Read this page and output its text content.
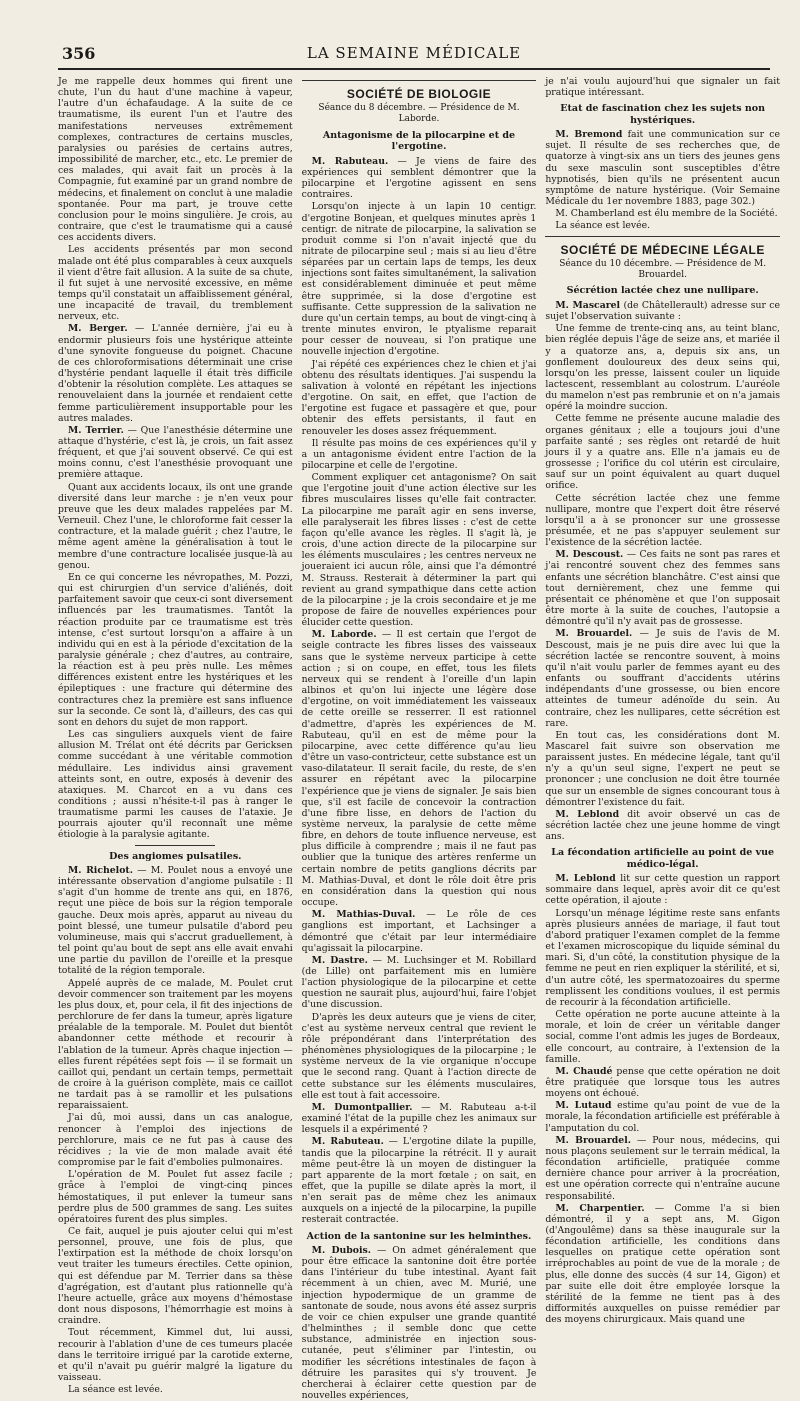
356	LA SEMAINE MÉDICALE

Je me rappelle deux hommes qui firent une chute, l'un du haut d'une machine à vapeur, l'autre d'un échafaudage. A la suite de ce traumatisme, ils eurent l'un et l'autre des manifestations nerveuses extrêmement complexes, contractures de certains muscles, paralysies ou parésies de certains autres, impossibilité de marcher, etc., etc. Le premier de ces malades, qui avait fait un procès à la Compagnie, fut examiné par un grand nombre de médecins, et finalement on conclut à une maladie spontanée. Pour ma part, je trouve cette conclusion pour le moins singulière. Je crois, au contraire, que c'est le traumatisme qui a causé ces accidents divers.

Les accidents présentés par mon second malade ont été plus comparables à ceux auxquels il vient d'être fait allusion. A la suite de sa chute, il fut sujet à une nervosité excessive, en même temps qu'il constatait un affaiblissement général, une incapacité de travail, du tremblement nerveux, etc.

M. Berger. — L'année dernière, j'ai eu à endormir plusieurs fois une hystérique atteinte d'une synovite fongueuse du poignet. Chacune de ces chloroformisations déterminait une crise d'hystérie pendant laquelle il était très difficile d'obtenir la résolution complète. Les attaques se renouvelaient dans la journée et rendaient cette femme particulièrement insupportable pour les autres malades.

M. Terrier. — Que l'anesthésie détermine une attaque d'hystérie, c'est là, je crois, un fait assez fréquent, et que j'ai souvent observé. Ce qui est moins connu, c'est l'anesthésie provoquant une première attaque.

Quant aux accidents locaux, ils ont une grande diversité dans leur marche : je n'en veux pour preuve que les deux malades rappelées par M. Verneuil. Chez l'une, le chloroforme fait cesser la contracture, et la malade guérit ; chez l'autre, le même agent amène la généralisation à tout le membre d'une contracture localisée jusque-là au genou.

En ce qui concerne les névropathes, M. Pozzi, qui est chirurgien d'un service d'aliénés, doit parfaitement savoir que ceux-ci sont diversement influencés par les traumatismes. Tantôt la réaction produite par ce traumatisme est très intense, c'est surtout lorsqu'on a affaire à un individu qui en est à la période d'excitation de la paralysie générale ; chez d'autres, au contraire, la réaction est à peu près nulle. Les mêmes différences existent entre les hystériques et les épileptiques : une fracture qui détermine des contractures chez la première est sans influence sur la seconde. Ce sont là, d'ailleurs, des cas qui sont en dehors du sujet de mon rapport.

Les cas singuliers auxquels vient de faire allusion M. Trélat ont été décrits par Gericksen comme succédant à une véritable commotion médullaire. Les individus ainsi gravement atteints sont, en outre, exposés à devenir des ataxiques. M. Charcot en a vu dans ces conditions ; aussi n'hésite-t-il pas à ranger le traumatisme parmi les causes de l'ataxie. Je pourrais ajouter qu'il reconnaît une même étiologie à la paralysie agitante.

Des angiomes pulsatiles.

M. Richelot. — M. Poulet nous a envoyé une intéressante observation d'angiome pulsatile : Il s'agit d'un homme de trente ans qui, en 1876, reçut une pièce de bois sur la région temporale gauche. Deux mois après, apparut au niveau du point blessé, une tumeur pulsatile d'abord peu volumineuse, mais qui s'accrut graduellement, à tel point qu'au bout de sept ans elle avait envahi une partie du pavillon de l'oreille et la presque totalité de la région temporale.

Appelé auprès de ce malade, M. Poulet crut devoir commencer son traitement par les moyens les plus doux, et, pour cela, il fit des injections de perchlorure de fer dans la tumeur, après ligature préalable de la temporale. M. Poulet dut bientôt abandonner cette méthode et recourir à l'ablation de la tumeur. Après chaque injection — elles furent répétées sept fois — il se formait un caillot qui, pendant un certain temps, permettait de croire à la guérison complète, mais ce caillot ne tardait pas à se ramollir et les pulsations reparaissaient.

J'ai dû, moi aussi, dans un cas analogue, renoncer à l'emploi des injections de perchlorure, mais ce ne fut pas à cause des récidives ; la vie de mon malade avait été compromise par le fait d'embolies pulmonaires.

L'opération de M. Poulet fut assez facile ; grâce à l'emploi de vingt-cinq pinces hémostatiques, il put enlever la tumeur sans perdre plus de 500 grammes de sang. Les suites opératoires furent des plus simples.

Ce fait, auquel je puis ajouter celui qui m'est personnel, prouve, une fois de plus, que l'extirpation est la méthode de choix lorsqu'on veut traiter les tumeurs érectiles. Cette opinion, qui est défendue par M. Terrier dans sa thèse d'agrégation, est d'autant plus rationnelle qu'à l'heure actuelle, grâce aux moyens d'hémostase dont nous disposons, l'hémorrhagie est moins à craindre.

Tout récemment, Kimmel dut, lui aussi, recourir à l'ablation d'une de ces tumeurs placée dans le territoire irrigué par la carotide externe, et qu'il n'avait pu guérir malgré la ligature du vaisseau.

La séance est levée.

SOCIÉTÉ DE BIOLOGIE
Séance du 8 décembre. — Présidence de M. Laborde.
Antagonisme de la pilocarpine et de l'ergotine.

M. Rabuteau. — Je viens de faire des expériences qui semblent démontrer que la pilocarpine et l'ergotine agissent en sens contraires.

Lorsqu'on injecte à un lapin 10 centigr. d'ergotine Bonjean, et quelques minutes après 1 centigr. de nitrate de pilocarpine, la salivation se produit comme si l'on n'avait injecté que du nitrate de pilocarpine seul ; mais si au lieu d'être séparées par un certain laps de temps, les deux injections sont faites simultanément, la salivation est considérablement diminuée et peut même être supprimée, si la dose d'ergotine est suffisante. Cette suppression de la salivation ne dure qu'un certain temps, au bout de vingt-cinq à trente minutes environ, le ptyalisme reparait pour cesser de nouveau, si l'on pratique une nouvelle injection d'ergotine.

J'ai répété ces expériences chez le chien et j'ai obtenu des résultats identiques. J'ai suspendu la salivation à volonté en répétant les injections d'ergotine. On sait, en effet, que l'action de l'ergotine est fugace et passagère et que, pour obtenir des effets persistants, il faut en renouveler les doses assez fréquemment.

Il résulte pas moins de ces expériences qu'il y a un antagonisme évident entre l'action de la pilocarpine et celle de l'ergotine.

Comment expliquer cet antagonisme? On sait que l'ergotine jouit d'une action élective sur les fibres musculaires lisses qu'elle fait contracter. La pilocarpine me paraît agir en sens inverse, elle paralyserait les fibres lisses : c'est de cette façon qu'elle avance les règles. Il s'agit là, je crois, d'une action directe de la pilocarpine sur les éléments musculaires ; les centres nerveux ne joueraient ici aucun rôle, ainsi que l'a démontré M. Strauss. Resterait à déterminer la part qui revient au grand sympathique dans cette action de la pilocarpine ; je la crois secondaire et je me propose de faire de nouvelles expériences pour élucider cette question.

M. Laborde. — Il est certain que l'ergot de seigle contracte les fibres lisses des vaisseaux sans que le système nerveux participe à cette action ; si on coupe, en effet, tous les filets nerveux qui se rendent à l'oreille d'un lapin albinos et qu'on lui injecte une légère dose d'ergotine, on voit immédiatement les vaisseaux de cette oreille se resserrer. Il est rationnel d'admettre, d'après les expériences de M. Rabuteau, qu'il en est de même pour la pilocarpine, avec cette différence qu'au lieu d'être un vaso-contricteur, cette substance est un vaso-dilatateur. Il serait facile, du reste, de s'en assurer en répétant avec la pilocarpine l'expérience que je viens de signaler. Je sais bien que, s'il est facile de concevoir la contraction d'une fibre lisse, en dehors de l'action du système nerveux, la paralysie de cette même fibre, en dehors de toute influence nerveuse, est plus difficile à comprendre ; mais il ne faut pas oublier que la tunique des artères renferme un certain nombre de petits ganglions décrits par M. Mathias-Duval, et dont le rôle doit être pris en considération dans la question qui nous occupe.

M. Mathias-Duval. — Le rôle de ces ganglions est important, et Lachsinger a démontré que c'était par leur intermédiaire qu'agissait la pilocarpine.

M. Dastre. — M. Luchsinger et M. Robillard (de Lille) ont parfaitement mis en lumière l'action physiologique de la pilocarpine et cette question ne saurait plus, aujourd'hui, faire l'objet d'une discussion.

D'après les deux auteurs que je viens de citer, c'est au système nerveux central que revient le rôle prépondérant dans l'interprétation des phénomènes physiologiques de la pilocarpine ; le système nerveux de la vie organique n'occupe que le second rang. Quant à l'action directe de cette substance sur les éléments musculaires, elle est tout à fait accessoire.

M. Dumontpallier. — M. Rabuteau a-t-il examiné l'état de la pupille chez les animaux sur lesquels il a expérimenté ?

M. Rabuteau. — L'ergotine dilate la pupille, tandis que la pilocarpine la rétrécit. Il y aurait même peut-être là un moyen de distinguer la part apparente de la mort fœtale ; on sait, en effet, que la pupille se dilate après la mort, il n'en serait pas de même chez les animaux auxquels on a injecté de la pilocarpine, la pupille resterait contractée.

Action de la santonine sur les helminthes.

M. Dubois. — On admet généralement que pour être efficace la santonine doit être portée dans l'intérieur du tube intestinal. Ayant fait récemment à un chien, avec M. Murié, une injection hypodermique de un gramme de santonate de soude, nous avons été assez surpris de voir ce chien expulser une grande quantité d'helminthes ; il semble donc que cette substance, administrée en injection sous-cutanée, peut s'éliminer par l'intestin, ou modifier les sécrétions intestinales de façon à détruire les parasites qui s'y trouvent. Je chercherai à éclairer cette question par de nouvelles expériences,

je n'ai voulu aujourd'hui que signaler un fait pratique intéressant.

Etat de fascination chez les sujets non hystériques.

M. Bremond fait une communication sur ce sujet. Il résulte de ses recherches que, de quatorze à vingt-six ans un tiers des jeunes gens du sexe masculin sont susceptibles d'être hypnotisés, bien qu'ils ne présentent aucun symptôme de nature hystérique. (Voir Semaine Médicale du 1er novembre 1883, page 302.)

M. Chamberland est élu membre de la Société.

La séance est levée.

SOCIÉTÉ DE MÉDECINE LÉGALE
Séance du 10 décembre. — Présidence de M. Brouardel.
Sécrétion lactée chez une nullipare.

M. Mascarel (de Châtellerault) adresse sur ce sujet l'observation suivante :

Une femme de trente-cinq ans, au teint blanc, bien réglée depuis l'âge de seize ans, et mariée il y a quatorze ans, a, depuis six ans, un gonflement douloureux des deux seins qui, lorsqu'on les presse, laissent couler un liquide lactescent, ressemblant au colostrum. L'auréole du mamelon n'est pas rembrunie et on n'a jamais opéré la moindre succion.

Cette femme ne présente aucune maladie des organes génitaux ; elle a toujours joui d'une parfaite santé ; ses règles ont retardé de huit jours il y a quatre ans. Elle n'a jamais eu de grossesse ; l'orifice du col utérin est circulaire, sauf sur un point équivalent au quart duquel orifice.

Cette sécrétion lactée chez une femme nullipare, montre que l'expert doit être réservé lorsqu'il a à se prononcer sur une grossesse présumée, et ne pas s'appuyer seulement sur l'existence de la sécrétion lactée.

M. Descoust. — Ces faits ne sont pas rares et j'ai rencontré souvent chez des femmes sans enfants une sécrétion blanchâtre. C'est ainsi que tout dernièrement, chez une femme qui présentait ce phénomène et que l'on supposait être morte à la suite de couches, l'autopsie a démontré qu'il n'y avait pas de grossesse.

M. Brouardel. — Je suis de l'avis de M. Descoust, mais je ne puis dire avec lui que la sécrétion lactée se rencontre souvent, à moins qu'il n'ait voulu parler de femmes ayant eu des enfants ou souffrant d'accidents utérins indépendants d'une grossesse, ou bien encore atteintes de tumeur adénoïde du sein. Au contraire, chez les nullipares, cette sécrétion est rare.

En tout cas, les considérations dont M. Mascarel fait suivre son observation me paraissent justes. En médecine légale, tant qu'il n'y a qu'un seul signe, l'expert ne peut se prononcer ; une conclusion ne doit être tournée que sur un ensemble de signes concourant tous à démontrer l'existence du fait.

M. Leblond dit avoir observé un cas de sécrétion lactée chez une jeune homme de vingt ans.

La fécondation artificielle au point de vue médico-légal.

M. Leblond lit sur cette question un rapport sommaire dans lequel, après avoir dit ce qu'est cette opération, il ajoute :

Lorsqu'un ménage légitime reste sans enfants après plusieurs années de mariage, il faut tout d'abord pratiquer l'examen complet de la femme et l'examen microscopique du liquide séminal du mari. Si, d'un côté, la constitution physique de la femme ne peut en rien expliquer la stérilité, et si, d'un autre côté, les spermatozoaires du sperme remplissent les conditions voulues, il est permis de recourir à la fécondation artificielle.

Cette opération ne porte aucune atteinte à la morale, et loin de créer un véritable danger social, comme l'ont admis les juges de Bordeaux, elle concourt, au contraire, à l'extension de la famille.

M. Chaudé pense que cette opération ne doit être pratiquée que lorsque tous les autres moyens ont échoué.

M. Lutaud estime qu'au point de vue de la morale, la fécondation artificielle est préférable à l'amputation du col.

M. Brouardel. — Pour nous, médecins, qui nous plaçons seulement sur le terrain médical, la fécondation artificielle, pratiquée comme dernière chance pour arriver à la procréation, est une opération correcte qui n'entraîne aucune responsabilité.

M. Charpentier. — Comme l'a si bien démontré, il y a sept ans, M. Gigon (d'Angoulême) dans sa thèse inaugurale sur la fécondation artificielle, les conditions dans lesquelles on pratique cette opération sont irréprochables au point de vue de la morale ; de plus, elle donne des succès (4 sur 14, Gigon) et par suite elle doit être employée lorsque la stérilité de la femme ne tient pas à des difformités auxquelles on puisse remédier par des moyens chirurgicaux. Mais quand une
